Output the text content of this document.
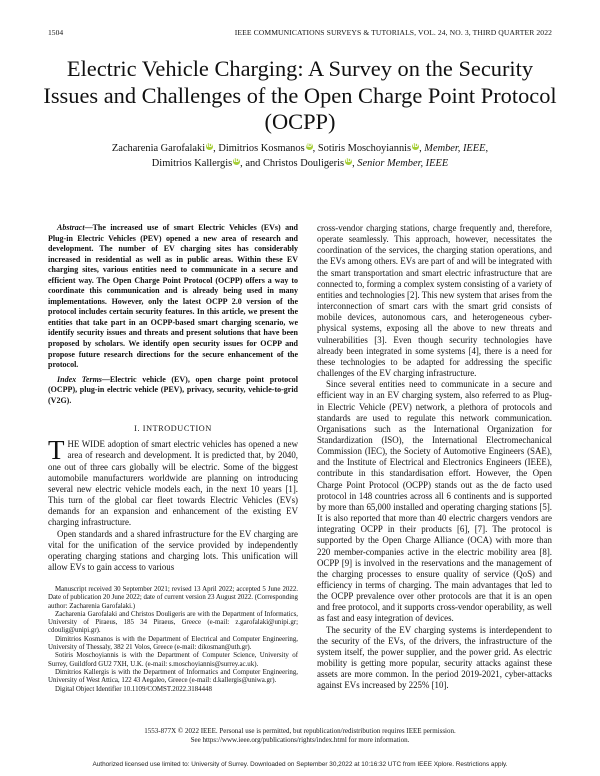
1504	IEEE COMMUNICATIONS SURVEYS & TUTORIALS, VOL. 24, NO. 3, THIRD QUARTER 2022
Electric Vehicle Charging: A Survey on the Security Issues and Challenges of the Open Charge Point Protocol (OCPP)
Zacharenia Garofalaki iD, Dimitrios Kosmanos iD, Sotiris Moschoyiannis iD, Member, IEEE,
Dimitrios Kallergis iD, and Christos Douligeris iD, Senior Member, IEEE

Abstract—The increased use of smart Electric Vehicles (EVs) and Plug-in Electric Vehicles (PEV) opened a new area of research and development. The number of EV charging sites has considerably increased in residential as well as in public areas. Within these EV charging sites, various entities need to communicate in a secure and efficient way. The Open Charge Point Protocol (OCPP) offers a way to coordinate this communication and is already being used in many implementations. However, only the latest OCPP 2.0 version of the protocol includes certain security features. In this article, we present the entities that take part in an OCPP-based smart charging scenario, we identify security issues and threats and present solutions that have been proposed by scholars. We identify open security issues for OCPP and propose future research directions for the secure enhancement of the protocol.

Index Terms—Electric vehicle (EV), open charge point protocol (OCPP), plug-in electric vehicle (PEV), privacy, security, vehicle-to-grid (V2G).

I. INTRODUCTION

THE WIDE adoption of smart electric vehicles has opened a new area of research and development. It is predicted that, by 2040, one out of three cars globally will be electric. Some of the biggest automobile manufacturers worldwide are planning on introducing several new electric vehicle models each, in the next 10 years [1]. This turn of the global car fleet towards Electric Vehicles (EVs) demands for an expansion and enhancement of the existing EV charging infrastructure.

Open standards and a shared infrastructure for the EV charging are vital for the unification of the service provided by independently operating charging stations and charging lots. This unification will allow EVs to gain access to various

Manuscript received 30 September 2021; revised 13 April 2022; accepted 5 June 2022. Date of publication 20 June 2022; date of current version 23 August 2022. (Corresponding author: Zacharenia Garofalaki.)

Zacharenia Garofalaki and Christos Douligeris are with the Department of Informatics, University of Piraeus, 185 34 Piraeus, Greece (e-mail: z.garofalaki@unipi.gr; cdoulig@unipi.gr).

Dimitrios Kosmanos is with the Department of Electrical and Computer Engineering, University of Thessaly, 382 21 Volos, Greece (e-mail: dikosman@uth.gr).

Sotiris Moschoyiannis is with the Department of Computer Science, University of Surrey, Guildford GU2 7XH, U.K. (e-mail: s.moschoyiannis@surrey.ac.uk).

Dimitrios Kallergis is with the Department of Informatics and Computer Engineering, University of West Attica, 122 43 Aegaleo, Greece (e-mail: d.kallergis@uniwa.gr).

Digital Object Identifier 10.1109/COMST.2022.3184448

cross-vendor charging stations, charge frequently and, therefore, operate seamlessly. This approach, however, necessitates the coordination of the services, the charging station operations, and the EVs among others. EVs are part of and will be integrated with the smart transportation and smart electric infrastructure that are connected to, forming a complex system consisting of a variety of entities and technologies [2]. This new system that arises from the interconnection of smart cars with the smart grid consists of mobile devices, autonomous cars, and heterogeneous cyber-physical systems, exposing all the above to new threats and vulnerabilities [3]. Even though security technologies have already been integrated in some systems [4], there is a need for these technologies to be adapted for addressing the specific challenges of the EV charging infrastructure.

Since several entities need to communicate in a secure and efficient way in an EV charging system, also referred to as Plug-in Electric Vehicle (PEV) network, a plethora of protocols and standards are used to regulate this network communication. Organisations such as the International Organization for Standardization (ISO), the International Electromechanical Commission (IEC), the Society of Automotive Engineers (SAE), and the Institute of Electrical and Electronics Engineers (IEEE), contribute in this standardisation effort. However, the Open Charge Point Protocol (OCPP) stands out as the de facto used protocol in 148 countries across all 6 continents and is supported by more than 65,000 installed and operating charging stations [5]. It is also reported that more than 40 electric chargers vendors are integrating OCPP in their products [6], [7]. The protocol is supported by the Open Charge Alliance (OCA) with more than 220 member-companies active in the electric mobility area [8]. OCPP [9] is involved in the reservations and the management of the charging processes to ensure quality of service (QoS) and efficiency in terms of charging. The main advantages that led to the OCPP prevalence over other protocols are that it is an open and free protocol, and it supports cross-vendor operability, as well as fast and easy integration of devices.

The security of the EV charging systems is interdependent to the security of the EVs, of the drivers, the infrastructure of the system itself, the power supplier, and the power grid. As electric mobility is getting more popular, security attacks against these assets are more common. In the period 2019-2021, cyber-attacks against EVs increased by 225% [10].

1553-877X © 2022 IEEE. Personal use is permitted, but republication/redistribution requires IEEE permission.
See https://www.ieee.org/publications/rights/index.html for more information.
Authorized licensed use limited to: University of Surrey. Downloaded on September 30,2022 at 10:16:32 UTC from IEEE Xplore. Restrictions apply.
